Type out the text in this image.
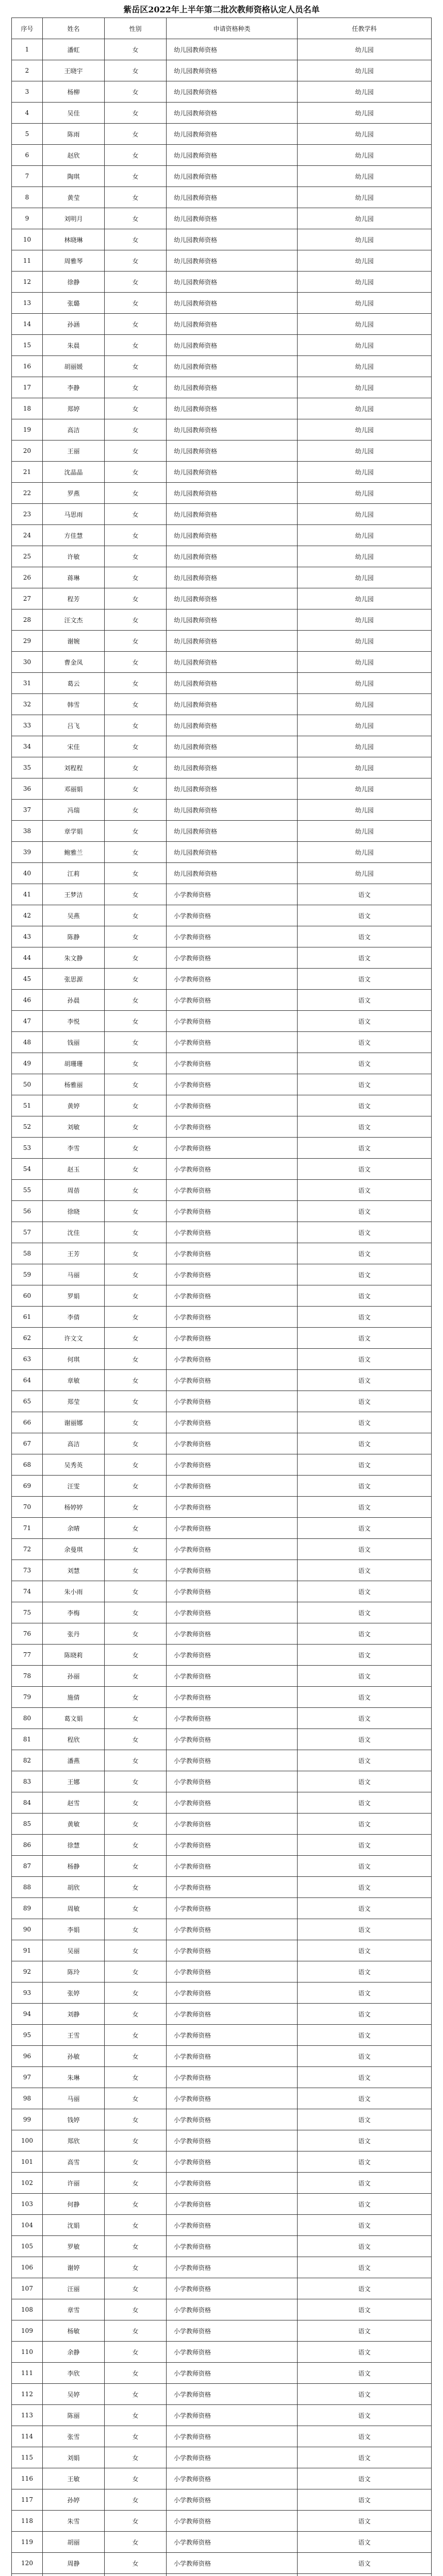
紫岳区2022年上半年第二批次教师资格认定人员名单
序号	姓名	性别	申请资格种类	任教学科
1	潘虹	女	幼儿园教师资格	幼儿园
2	王晓宇	女	幼儿园教师资格	幼儿园
3	杨柳	女	幼儿园教师资格	幼儿园
4	吴佳	女	幼儿园教师资格	幼儿园
5	陈雨	女	幼儿园教师资格	幼儿园
6	赵欣	女	幼儿园教师资格	幼儿园
7	陶琪	女	幼儿园教师资格	幼儿园
8	黄莹	女	幼儿园教师资格	幼儿园
9	刘明月	女	幼儿园教师资格	幼儿园
10	林晓琳	女	幼儿园教师资格	幼儿园
11	周雅琴	女	幼儿园教师资格	幼儿园
12	徐静	女	幼儿园教师资格	幼儿园
13	张璐	女	幼儿园教师资格	幼儿园
14	孙涵	女	幼儿园教师资格	幼儿园
15	朱晨	女	幼儿园教师资格	幼儿园
16	胡丽媛	女	幼儿园教师资格	幼儿园
17	李静	女	幼儿园教师资格	幼儿园
18	郑婷	女	幼儿园教师资格	幼儿园
19	高洁	女	幼儿园教师资格	幼儿园
20	王丽	女	幼儿园教师资格	幼儿园
21	沈晶晶	女	幼儿园教师资格	幼儿园
22	罗燕	女	幼儿园教师资格	幼儿园
23	马思雨	女	幼儿园教师资格	幼儿园
24	方佳慧	女	幼儿园教师资格	幼儿园
25	许敏	女	幼儿园教师资格	幼儿园
26	蒋琳	女	幼儿园教师资格	幼儿园
27	程芳	女	幼儿园教师资格	幼儿园
28	汪文杰	女	幼儿园教师资格	幼儿园
29	谢婉	女	幼儿园教师资格	幼儿园
30	曹金凤	女	幼儿园教师资格	幼儿园
31	葛云	女	幼儿园教师资格	幼儿园
32	韩雪	女	幼儿园教师资格	幼儿园
33	吕飞	女	幼儿园教师资格	幼儿园
34	宋佳	女	幼儿园教师资格	幼儿园
35	刘程程	女	幼儿园教师资格	幼儿园
36	邓丽娟	女	幼儿园教师资格	幼儿园
37	冯瑞	女	幼儿园教师资格	幼儿园
38	章学娟	女	幼儿园教师资格	幼儿园
39	鲍雅兰	女	幼儿园教师资格	幼儿园
40	江莉	女	幼儿园教师资格	幼儿园
41	王梦洁	女	小学教师资格	语文
42	吴燕	女	小学教师资格	语文
43	陈静	女	小学教师资格	语文
44	朱文静	女	小学教师资格	语文
45	张思源	女	小学教师资格	语文
46	孙晨	女	小学教师资格	语文
47	李悦	女	小学教师资格	语文
48	钱丽	女	小学教师资格	语文
49	胡珊珊	女	小学教师资格	语文
50	杨雅丽	女	小学教师资格	语文
51	黄婷	女	小学教师资格	语文
52	刘敏	女	小学教师资格	语文
53	李雪	女	小学教师资格	语文
54	赵玉	女	小学教师资格	语文
55	周蓓	女	小学教师资格	语文
56	徐晓	女	小学教师资格	语文
57	沈佳	女	小学教师资格	语文
58	王芳	女	小学教师资格	语文
59	马丽	女	小学教师资格	语文
60	罗娟	女	小学教师资格	语文
61	李倩	女	小学教师资格	语文
62	许文文	女	小学教师资格	语文
63	何琪	女	小学教师资格	语文
64	章敏	女	小学教师资格	语文
65	郑莹	女	小学教师资格	语文
66	谢丽娜	女	小学教师资格	语文
67	高洁	女	小学教师资格	语文
68	吴秀英	女	小学教师资格	语文
69	汪雯	女	小学教师资格	语文
70	杨婷婷	女	小学教师资格	语文
71	余晴	女	小学教师资格	语文
72	余曼琪	女	小学教师资格	语文
73	刘慧	女	小学教师资格	语文
74	朱小雨	女	小学教师资格	语文
75	李梅	女	小学教师资格	语文
76	张丹	女	小学教师资格	语文
77	陈晓莉	女	小学教师资格	语文
78	孙丽	女	小学教师资格	语文
79	施倩	女	小学教师资格	语文
80	葛文娟	女	小学教师资格	语文
81	程欣	女	小学教师资格	语文
82	潘燕	女	小学教师资格	语文
83	王娜	女	小学教师资格	语文
84	赵雪	女	小学教师资格	语文
85	黄敏	女	小学教师资格	语文
86	徐慧	女	小学教师资格	语文
87	杨静	女	小学教师资格	语文
88	胡欣	女	小学教师资格	语文
89	周敏	女	小学教师资格	语文
90	李娟	女	小学教师资格	语文
91	吴丽	女	小学教师资格	语文
92	陈玲	女	小学教师资格	语文
93	张婷	女	小学教师资格	语文
94	刘静	女	小学教师资格	语文
95	王雪	女	小学教师资格	语文
96	孙敏	女	小学教师资格	语文
97	朱琳	女	小学教师资格	语文
98	马丽	女	小学教师资格	语文
99	钱婷	女	小学教师资格	语文
100	郑欣	女	小学教师资格	语文
101	高雪	女	小学教师资格	语文
102	许丽	女	小学教师资格	语文
103	何静	女	小学教师资格	语文
104	沈娟	女	小学教师资格	语文
105	罗敏	女	小学教师资格	语文
106	谢婷	女	小学教师资格	语文
107	汪丽	女	小学教师资格	语文
108	章雪	女	小学教师资格	语文
109	杨敏	女	小学教师资格	语文
110	余静	女	小学教师资格	语文
111	李欣	女	小学教师资格	语文
112	吴婷	女	小学教师资格	语文
113	陈丽	女	小学教师资格	语文
114	张雪	女	小学教师资格	语文
115	刘娟	女	小学教师资格	语文
116	王敏	女	小学教师资格	语文
117	孙婷	女	小学教师资格	语文
118	朱雪	女	小学教师资格	语文
119	胡丽	女	小学教师资格	语文
120	周静	女	小学教师资格	语文
